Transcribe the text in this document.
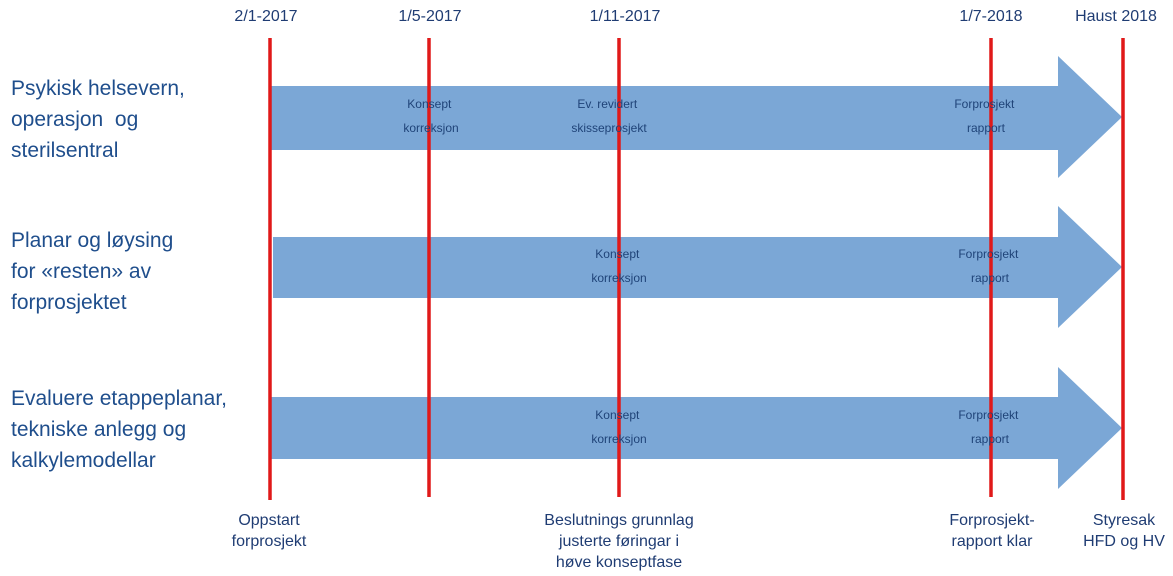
Konsept korreksjon
Ev. revidert skisseprosjekt
Forprosjekt rapport
Konsept korreksjon
Forprosjekt rapport
Konsept korreksjon
Forprosjekt rapport
2/1-2017	1/5-2017	1/11-2017	1/7-2018	Haust 2018
Psykisk helsevern,
operasjon  og
sterilsentral
Planar og løysing
for «resten» av
forprosjektet
Evaluere etappeplanar,
tekniske anlegg og
kalkylemodellar
Oppstart
forprosjekt
Beslutnings grunnlag
justerte føringar i
høve konseptfase
Forprosjekt-
rapport klar
Styresak
HFD og HV
